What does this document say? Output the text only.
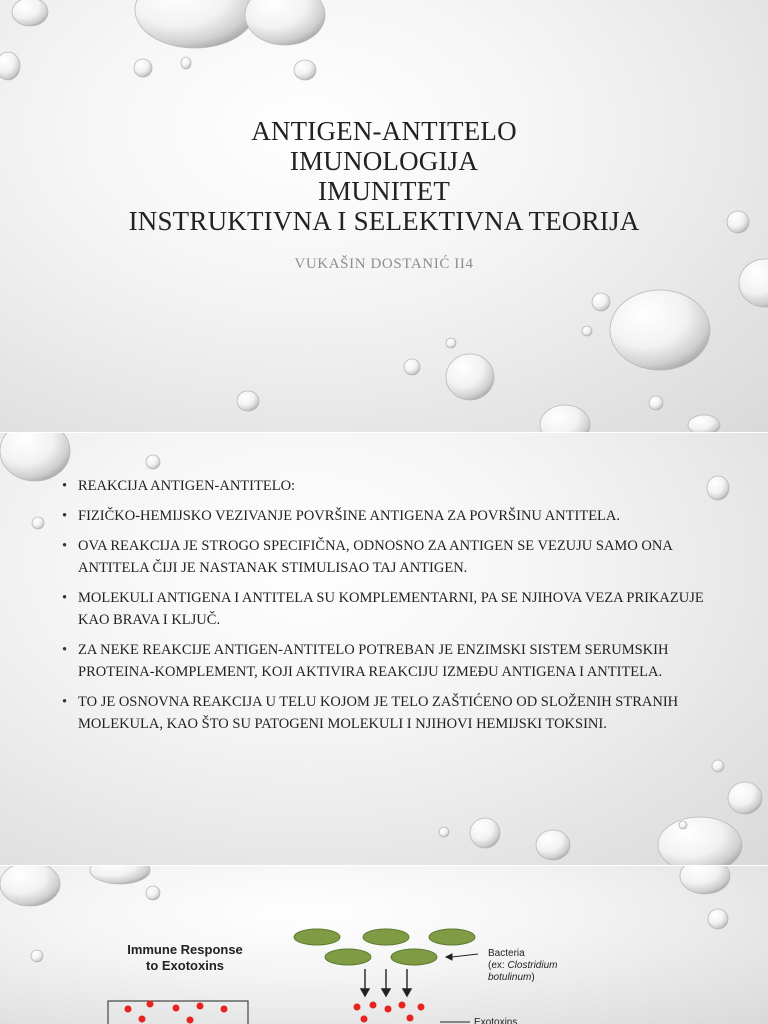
ANTIGEN-ANTITELO
IMUNOLOGIJA
IMUNITET
INSTRUKTIVNA I SELEKTIVNA TEORIJA
VUKAŠIN DOSTANIĆ II4
• REAKCIJA ANTIGEN-ANTITELO:
• FIZIČKO-HEMIJSKO VEZIVANJE POVRŠINE ANTIGENA ZA POVRŠINU ANTITELA.
• OVA REAKCIJA JE STROGO SPECIFIČNA, ODNOSNO ZA ANTIGEN SE VEZUJU SAMO ONA ANTITELA ČIJI JE NASTANAK STIMULISAO TAJ ANTIGEN.
• MOLEKULI ANTIGENA I ANTITELA SU KOMPLEMENTARNI, PA SE NJIHOVA VEZA PRIKAZUJE KAO BRAVA I KLJUČ.
• ZA NEKE REAKCIJE ANTIGEN-ANTITELO POTREBAN JE ENZIMSKI SISTEM SERUMSKIH PROTEINA-KOMPLEMENT, KOJI AKTIVIRA REAKCIJU IZMEĐU ANTIGENA I ANTITELA.
• TO JE OSNOVNA REAKCIJA U TELU KOJOM JE TELO ZAŠTIĆENO OD SLOŽENIH STRANIH MOLEKULA, KAO ŠTO SU PATOGENI MOLEKULI I NJIHOVI HEMIJSKI TOKSINI.
Immune Response
to Exotoxins
Bacteria
(ex: Clostridium
botulinum)
Exotoxins
